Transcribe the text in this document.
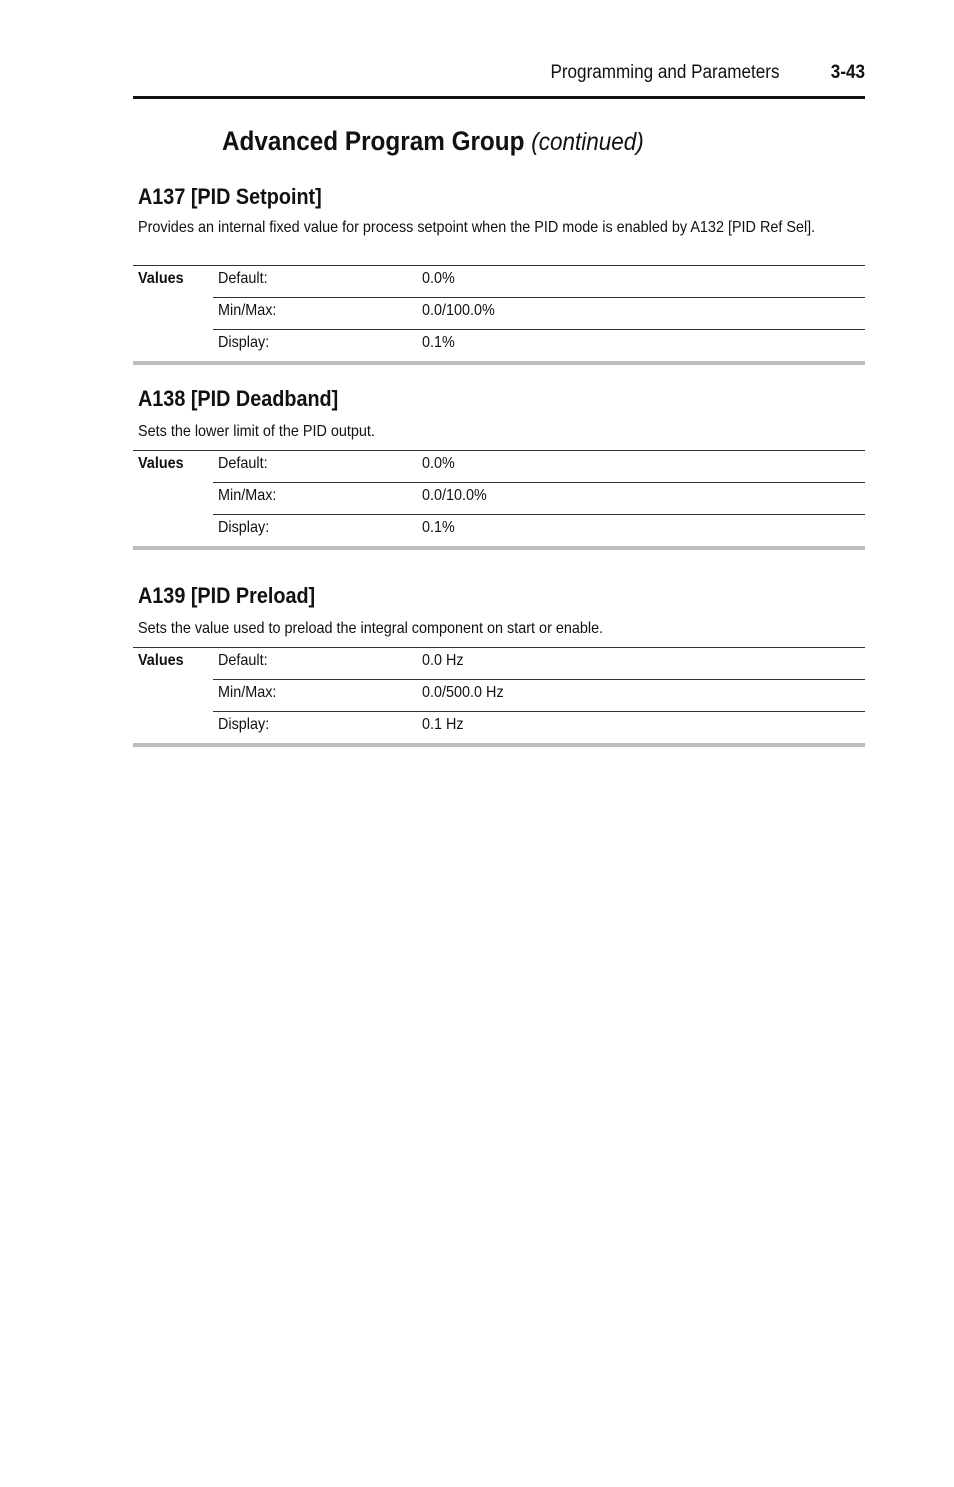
Programming and Parameters	3-43
Advanced Program Group (continued)
A137 [PID Setpoint]
Provides an internal fixed value for process setpoint when the PID mode is enabled by A132 [PID Ref Sel].
Values Default:	0.0%
Min/Max:	0.0/100.0%
Display:	0.1%
A138 [PID Deadband]
Sets the lower limit of the PID output.
Values Default:	0.0%
Min/Max:	0.0/10.0%
Display:	0.1%
A139 [PID Preload]
Sets the value used to preload the integral component on start or enable.
Values Default:	0.0 Hz
Min/Max:	0.0/500.0 Hz
Display:	0.1 Hz
